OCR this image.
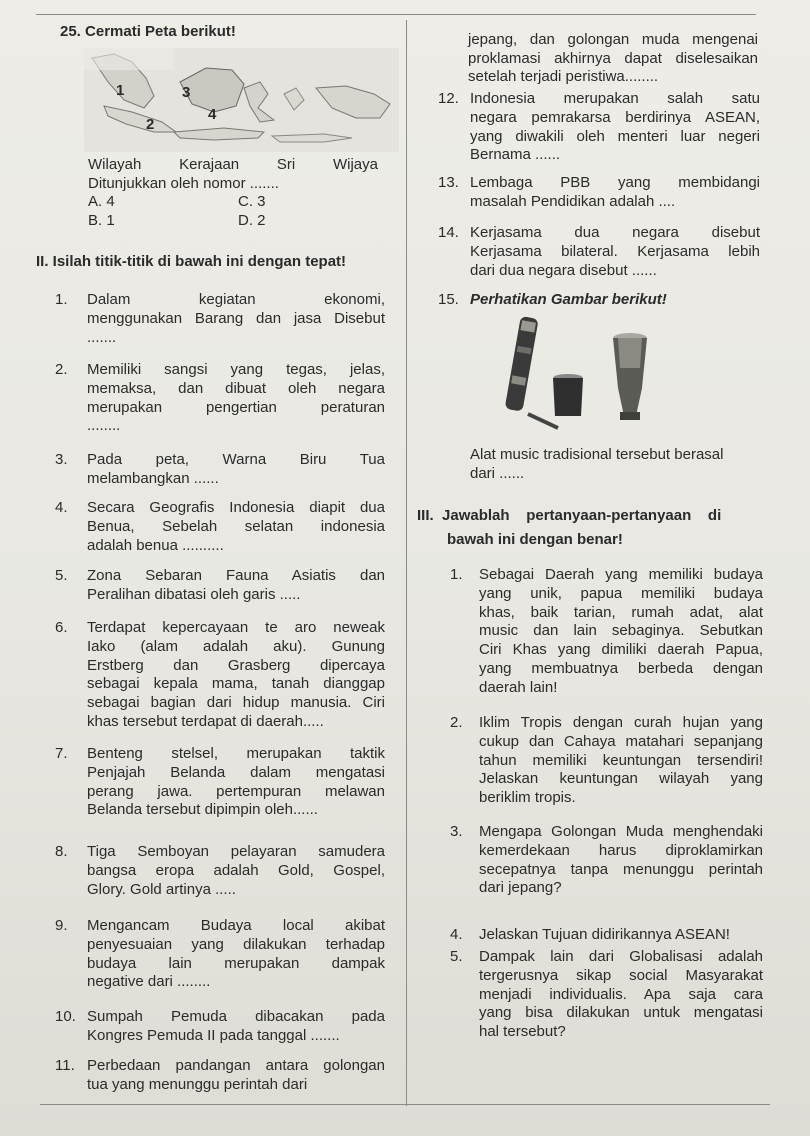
25. Cermati Peta berikut!
1
2
3
4
Wilayah	Kerajaan	Sri	Wijaya
Ditunjukkan oleh nomor .......
A. 4	C. 3
B. 1	D. 2
II. Isilah titik-titik di bawah ini dengan tepat!
1.	Dalam kegiatan ekonomi,

menggunakan Barang dan jasa Disebut

.......

2.	Memiliki sangsi yang tegas, jelas,

memaksa, dan dibuat oleh negara

merupakan pengertian peraturan

........

3.	Pada peta, Warna Biru Tua

melambangkan ......

4.	Secara Geografis Indonesia diapit dua

Benua, Sebelah selatan indonesia

adalah benua ..........

5.	Zona Sebaran Fauna Asiatis dan

Peralihan dibatasi oleh garis .....

6.	Terdapat kepercayaan te aro neweak

Iako (alam adalah aku). Gunung

Erstberg dan Grasberg dipercaya

sebagai kepala mama, tanah dianggap

sebagai bagian dari hidup manusia. Ciri

khas tersebut terdapat di daerah.....

7.	Benteng stelsel, merupakan taktik

Penjajah Belanda dalam mengatasi

perang jawa. pertempuran melawan

Belanda tersebut dipimpin oleh......

8.	Tiga Semboyan pelayaran samudera

bangsa eropa adalah Gold, Gospel,

Glory. Gold artinya .....

9.	Mengancam Budaya local akibat

penyesuaian yang dilakukan terhadap

budaya lain merupakan dampak

negative dari ........

10. Sumpah Pemuda dibacakan pada

Kongres Pemuda II pada tanggal .......

11. Perbedaan pandangan antara golongan

tua yang menunggu perintah dari

jepang, dan golongan muda mengenai

proklamasi akhirnya dapat diselesaikan

setelah terjadi peristiwa........

12. Indonesia merupakan salah satu

negara pemrakarsa berdirinya ASEAN,

yang diwakili oleh menteri luar negeri

Bernama ......

13. Lembaga PBB yang membidangi

masalah Pendidikan adalah ....

14. Kerjasama dua negara disebut

Kerjasama bilateral. Kerjasama lebih

dari dua negara disebut ......

15. Perhatikan Gambar berikut!

Alat music tradisional tersebut berasal

dari ......

III.  Jawablah    pertanyaan-pertanyaan    di
bawah ini dengan benar!
1.	Sebagai Daerah yang memiliki budaya

yang unik, papua memiliki budaya

khas, baik tarian, rumah adat, alat

music dan lain sebaginya. Sebutkan

Ciri Khas yang dimiliki daerah Papua,

yang membuatnya berbeda dengan

daerah lain!

2.	Iklim Tropis dengan curah hujan yang

cukup dan Cahaya matahari sepanjang

tahun memiliki keuntungan tersendiri!

Jelaskan keuntungan wilayah yang

beriklim tropis.

3.	Mengapa Golongan Muda menghendaki

kemerdekaan harus diproklamirkan

secepatnya tanpa menunggu perintah

dari jepang?

4.	Jelaskan Tujuan didirikannya ASEAN!

5.	Dampak lain dari Globalisasi adalah

tergerusnya sikap social Masyarakat

menjadi individualis. Apa saja cara

yang bisa dilakukan untuk mengatasi

hal tersebut?
